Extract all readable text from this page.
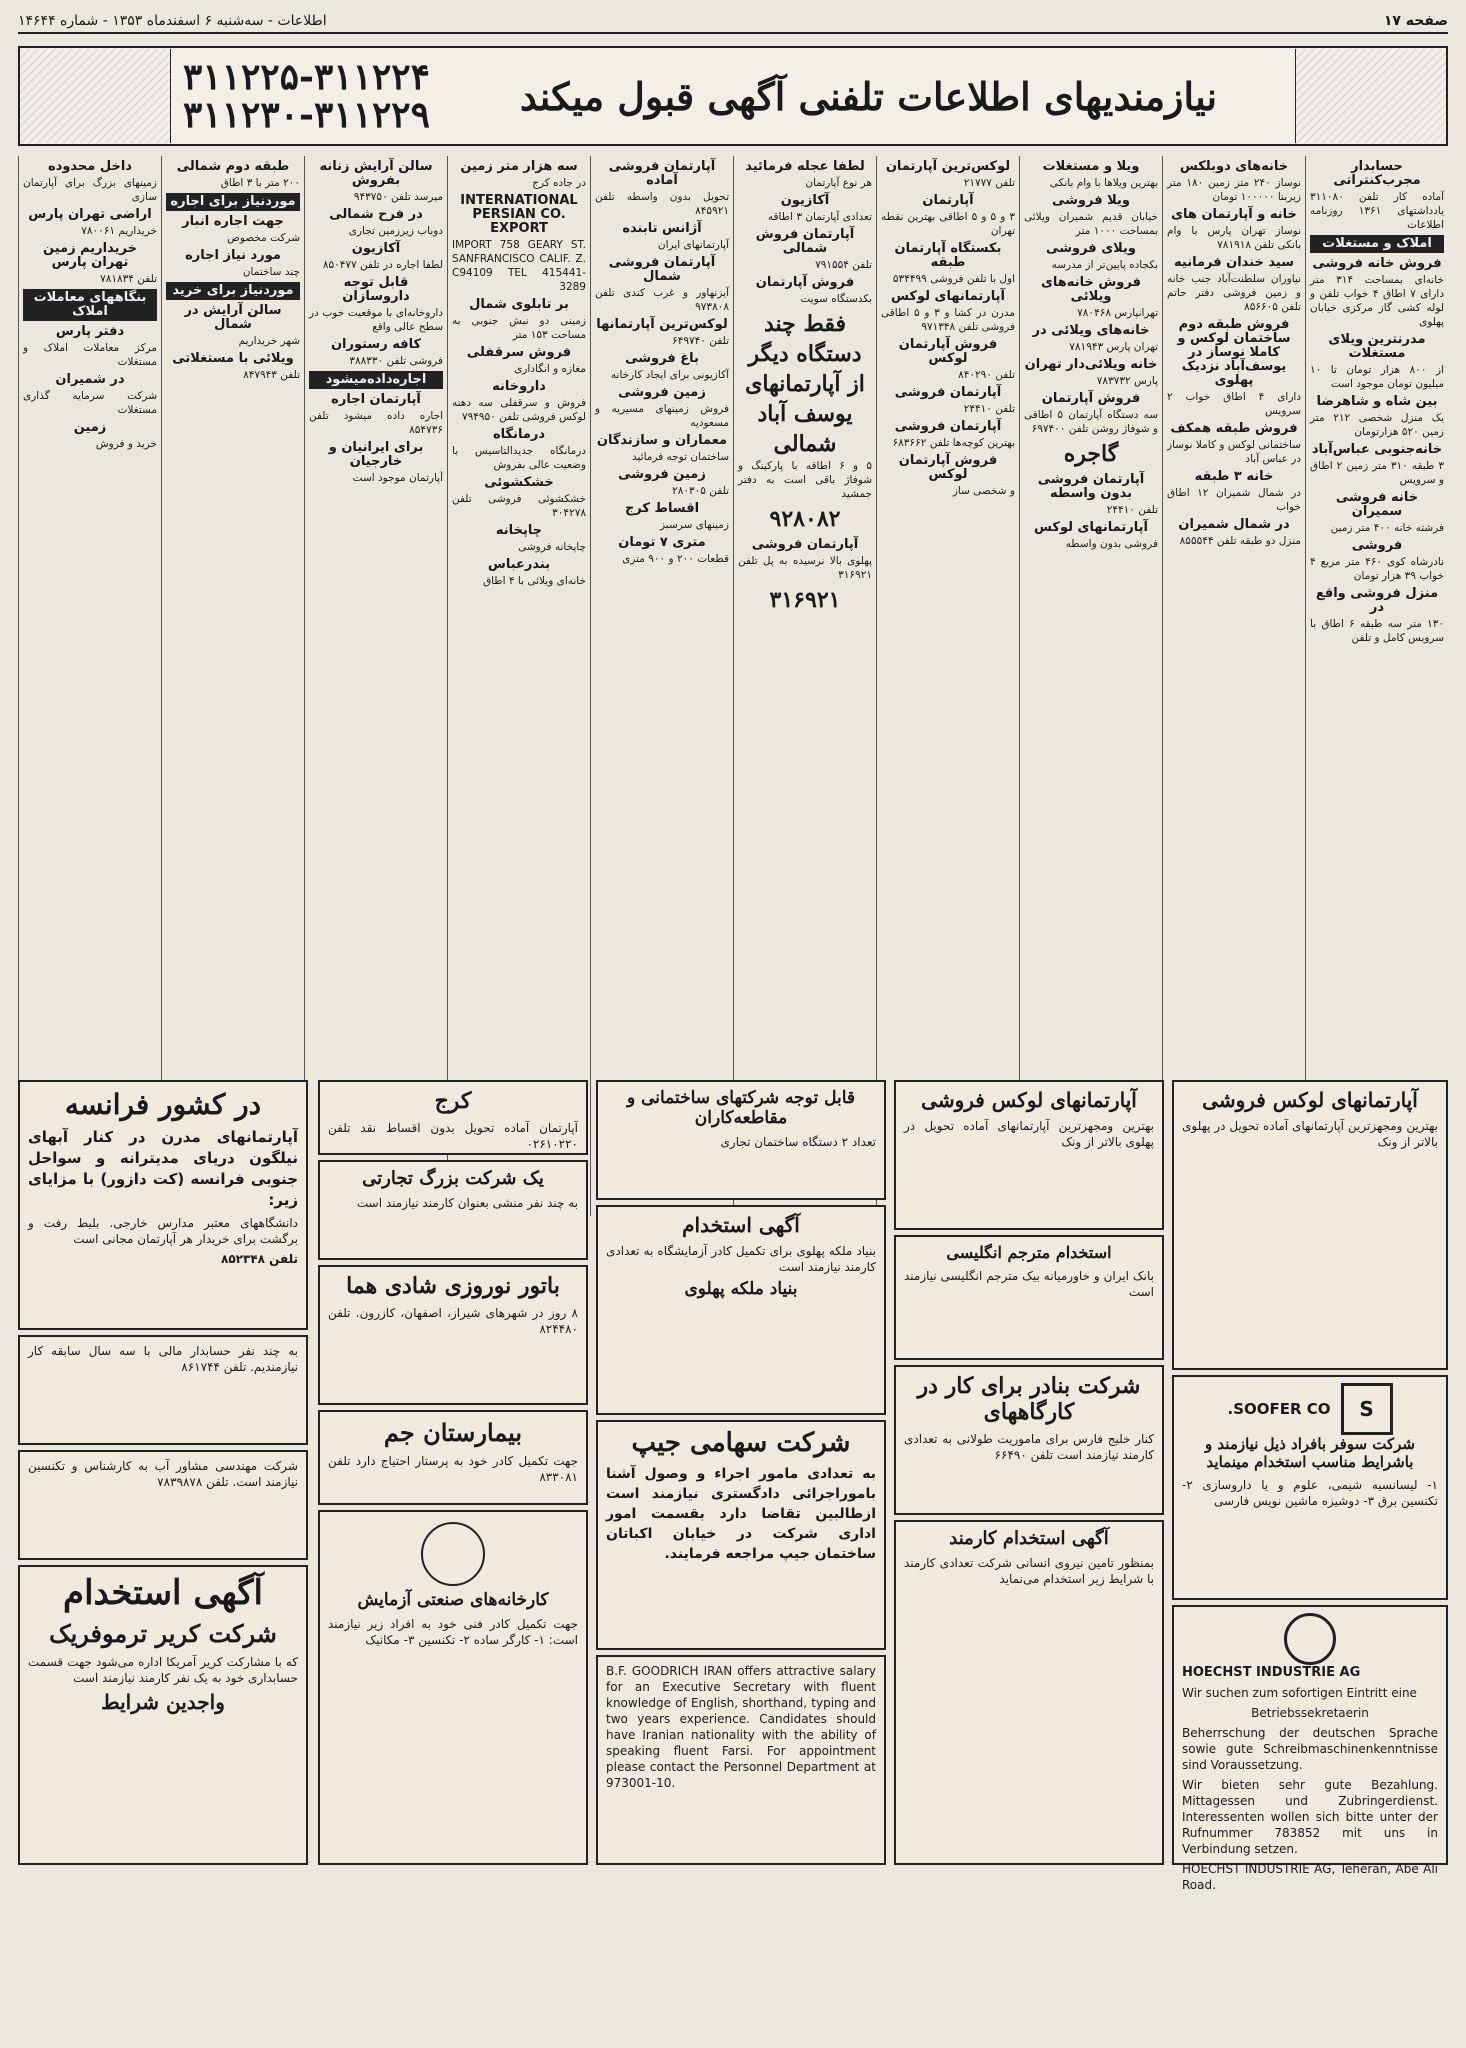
صفحه ۱۷
اطلاعات - سه‌شنبه ۶ اسفندماه ۱۳۵۳ - شماره ۱۴۶۴۴
نیازمندیهای اطلاعات تلفنی آگهی قبول میکند
۳۱۱۲۲۵-۳۱۱۲۲۴
۳۱۱۲۳۰-۳۱۱۲۲۹
حسابدار مجرب‌کنتراتی

آماده کار تلفن ۳۱۱۰۸۰ یادداشتهای ۱۳۶۱ روزنامه اطلاعات

املاک و مستغلات
فروش خانه فروشی

خانه‌ای بمساحت ۳۱۴ متر دارای ۷ اطاق ۴ خواب تلفن و لوله کشی گاز مرکزی خیابان پهلوی

مدرنترین ویلای مستغلات

از ۸۰۰ هزار تومان تا ۱۰ میلیون تومان موجود است

بین شاه و شاهرضا

یک منزل شخصی ۲۱۲ متر زمین ۵۲۰ هزارتومان

خانه‌جنوبی عباس‌آباد

۳ طبقه ۳۱۰ متر زمین ۲ اطاق و سرویس

خانه فروشی سمیران

فرشته خانه ۴۰۰ متر زمین

فروشی

نادرشاه کوی ۴۶۰ متر مربع ۴ خواب ۳۹ هزار تومان

منزل فروشی واقع در

۱۳۰ متر سه طبقه ۶ اطاق با سرویس کامل و تلفن

خانه‌های دوبلکس

نوساز ۲۴۰ متر زمین ۱۸۰ متر زیربنا ۱۰۰۰۰۰ تومان

خانه و آپارتمان های

نوساز تهران پارس با وام بانکی تلفن ۷۸۱۹۱۸

سید خندان فرمانیه

نیاوران سلطنت‌آباد جنب خانه و زمین فروشی دفتر حاتم تلفن ۸۵۶۶۰۵

فروش طبقه دوم ساختمان لوکس و کاملا نوساز در یوسف‌آباد نزدیک پهلوی

دارای ۴ اطاق خواب ۲ سرویس

فروش طبقه همکف

ساختمانی لوکس و کاملا نوساز در عباس آباد

خانه ۳ طبقه

در شمال شمیران ۱۲ اطاق خواب

در شمال شمیران

منزل دو طبقه تلفن ۸۵۵۵۴۴

ویلا و مستغلات

بهترین ویلاها با وام بانکی

ویلا فروشی

خیابان قدیم شمیران ویلائی بمساحت ۱۰۰۰ متر

ویلای فروشی

بکجاده پایین‌تر از مدرسه

فروش خانه‌های ویلائی

تهرانپارس ۷۸۰۴۶۸

خانه‌های ویلائی در

تهران پارس ۷۸۱۹۴۳

خانه ویلائی‌دار تهران

پارس ۷۸۳۷۳۲

فروش آپارتمان

سه دستگاه آپارتمان ۵ اطاقی و شوفاژ روشن تلفن ۶۹۷۴۰۰

گاجره
آپارتمان فروشی بدون واسطه

تلفن ۲۴۴۱۰

آپارتمانهای لوکس

فروشی بدون واسطه

لوکس‌ترین آپارتمان

تلفن ۲۱۷۷۷

آپارتمان

۳ و ۵ و ۵ اطاقی بهترین نقطه تهران

بکستگاه آپارتمان طبقه

اول با تلفن فروشی ۵۳۴۴۹۹

آپارتمانهای لوکس

مدرن در کشا و ۳ و ۵ اطاقی فروشی تلفن ۹۷۱۳۴۸

فروش آپارتمان لوکس

تلفن ۸۴۰۲۹۰

آپارتمان فروشی

تلفن ۲۴۴۱۰

آپارتمان فروشی

بهترین کوچه‌ها تلفن ۶۸۳۶۶۲

فروش آپارتمان لوکس

و شخصی ساز

لطفا عجله فرمائید

هر نوع آپارتمان

آکازیون

تعدادی آپارتمان ۳ اطاقه

آپارتمان فروش شمالی

تلفن ۷۹۱۵۵۴

فروش آپارتمان

بکدستگاه سویت

فقط چند
دستگاه دیگر از آپارتمانهای
یوسف آباد
شمالی

۵ و ۶ اطاقه با پارکینگ و شوفاژ باقی است به دفتر جمشید

۹۲۸۰۸۲
آپارتمان فروشی

پهلوی بالا نرسیده به پل تلفن ۳۱۶۹۲۱

۳۱۶۹۲۱
آپارتمان فروشی آماده

تحویل بدون واسطه تلفن ۸۴۵۹۲۱

آژانس تابنده

آپارتمانهای ایران

آپارتمان فروشی شمال

آیزنهاور و غرب کندی تلفن ۹۷۳۸۰۸

لوکس‌ترین آپارتمانها

تلفن ۶۴۹۷۴۰

باغ فروشی

آکازیونی برای ایجاد کارخانه

زمین فروشی

فروش زمینهای مسیریه و مسعودیه

معماران و سازندگان

ساختمان توجه فرمائید

زمین فروشی

تلفن ۲۸۰۳۰۵

اقساط کرج

زمینهای سرسبز

متری ۷ تومان

قطعات ۲۰۰ و ۹۰۰ متری

سه هزار متر زمین

در جاده کرج

INTERNATIONAL PERSIAN CO. EXPORT

IMPORT 758 GEARY ST. SANFRANCISCO CALIF. Z. C94109 TEL 415441-3289

بر تابلوی شمال

زمینی دو نبش جنوبی به مساحت ۱۵۳ متر

فروش سرقفلی

مغازه و انگاداری

داروخانه

فروش و سرقفلی سه دهنه لوکس فروشی تلفن ۷۹۴۹۵۰

درمانگاه

درمانگاه جدید‌التاسیس با وضعیت عالی بفروش

خشکشوئی

خشکشوئی فروشی تلفن ۳۰۴۲۷۸

چاپخانه

چاپخانه فروشی

بندرعباس

خانه‌ای ویلائی با ۴ اطاق

سالن آرایش زنانه بفروش

میرسد تلفن ۹۴۳۷۵۰

در فرح شمالی

دوباب زیرزمین تجاری

آکازیون

لطفا اجاره در تلفن ۸۵۰۴۷۷

قابل توجه داروسازان

داروخانه‌ای با موقعیت خوب در سطح عالی واقع

کافه رستوران

فروشی تلفن ۳۸۸۳۳۰

اجاره‌داده‌میشود
آپارتمان اجاره

اجاره داده میشود تلفن ۸۵۴۷۳۶

برای ایرانیان و خارجیان

آپارتمان موجود است

طبقه دوم شمالی

۲۰۰ متر با ۳ اطاق

موردنیاز برای اجاره
جهت اجاره انبار

شرکت مخصوص

مورد نیاز اجاره

چند ساختمان

موردنیاز برای خرید
سالن آرایش در شمال

شهر خریداریم

ویلائی با مستغلاتی

تلفن ۸۴۷۹۴۳

داخل محدوده

زمینهای بزرگ برای آپارتمان سازی

اراضی تهران پارس

خریداریم ۷۸۰۰۶۱

خریداریم زمین تهران پارس

تلفن ۷۸۱۸۳۴

بنگاههای معاملات املاک
دفتر پارس

مرکز معاملات املاک و مستغلات

در شمیران

شرکت سرمایه گذاری مستغلات

زمین

خرید و فروش

در کشور فرانسه

آپارتمانهای مدرن در کنار آبهای نیلگون دریای مدیترانه و سواحل جنوبی فرانسه (کت دازور) با مزایای زیر:

دانشگاههای معتبر مدارس خارجی. بلیط رفت و برگشت برای خریدار هر آپارتمان مجانی است

تلفن ۸۵۲۳۴۸

به چند نفر حسابدار مالی با سه سال سابقه کار نیازمندیم. تلفن ۸۶۱۷۴۴

شرکت مهندسی مشاور آب به کارشناس و تکنسین نیازمند است. تلفن ۷۸۳۹۸۷۸

آگهی استخدام
شرکت کریر ترموفریک

که با مشارکت کریر آمریکا اداره می‌شود جهت قسمت حسابداری خود به یک نفر کارمند نیازمند است

واجدین شرایط
کرج

آپارتمان آماده تحویل بدون اقساط نقد تلفن ۰۲۶۱۰۲۲۰

یک شرکت بزرگ تجارتی

به چند نفر منشی بعنوان کارمند نیازمند است

باتور نوروزی شادی هما

۸ روز در شهرهای شیراز، اصفهان، کازرون. تلفن ۸۲۴۴۸۰

بیمارستان جم

جهت تکمیل کادر خود به پرستار احتیاج دارد تلفن ۸۳۳۰۸۱

کارخانه‌های صنعتی آزمایش

جهت تکمیل کادر فنی خود به افراد زیر نیازمند است: ۱- کارگر ساده ۲- تکنسین ۳- مکانیک

قابل توجه شرکتهای ساختمانی و مقاطعه‌کاران

تعداد ۲ دستگاه ساختمان تجاری

آگهی استخدام

بنیاد ملکه پهلوی برای تکمیل کادر آزمایشگاه به تعدادی کارمند نیازمند است

بنیاد ملکه پهلوی
شرکت سهامی جیپ

به تعدادی مامور اجراء و وصول آشنا باموراجرائی دادگستری نیازمند است ازطالبین تقاضا دارد بقسمت امور اداری شرکت در خیابان اکباتان ساختمان جیپ مراجعه فرمایند.

B.F. GOODRICH IRAN offers attractive salary for an Executive Secretary with fluent knowledge of English, shorthand, typing and two years experience. Candidates should have Iranian nationality with the ability of speaking fluent Farsi. For appointment please contact the Personnel Department at 973001-10.

آپارتمانهای لوکس فروشی

بهترین ومجهزترین آپارتمانهای آماده تحویل در پهلوی بالاتر از ونک

استخدام مترجم انگلیسی

بانک ایران و خاورمیانه بیک مترجم انگلیسی نیازمند است

شرکت بنادر برای کار در کارگاههای

کنار خلیج فارس برای ماموریت طولانی به تعدادی کارمند نیازمند است تلفن ۶۶۴۹۰

آگهی استخدام کارمند

بمنظور تامین نیروی انسانی شرکت تعدادی کارمند با شرایط زیر استخدام می‌نماید

آپارتمانهای لوکس فروشی

بهترین ومجهزترین آپارتمانهای آماده تحویل در پهلوی بالاتر از ونک

S
SOOFER CO.
شرکت سوفر بافراد ذیل نیازمند و باشرایط مناسب استخدام مینماید

۱- لیسانسیه شیمی، علوم و یا داروسازی ۲- تکنسین برق ۳- دوشیزه ماشین نویس فارسی

HOECHST INDUSTRIE AG

Wir suchen zum sofortigen Eintritt eine

Betriebssekretaerin

Beherrschung der deutschen Sprache sowie gute Schreibmaschinenkenntnisse sind Voraussetzung.

Wir bieten sehr gute Bezahlung. Mittagessen und Zubringerdienst. Interessenten wollen sich bitte unter der Rufnummer 783852 mit uns in Verbindung setzen.

HOECHST INDUSTRIE AG, Teheran, Abe Ali Road.
